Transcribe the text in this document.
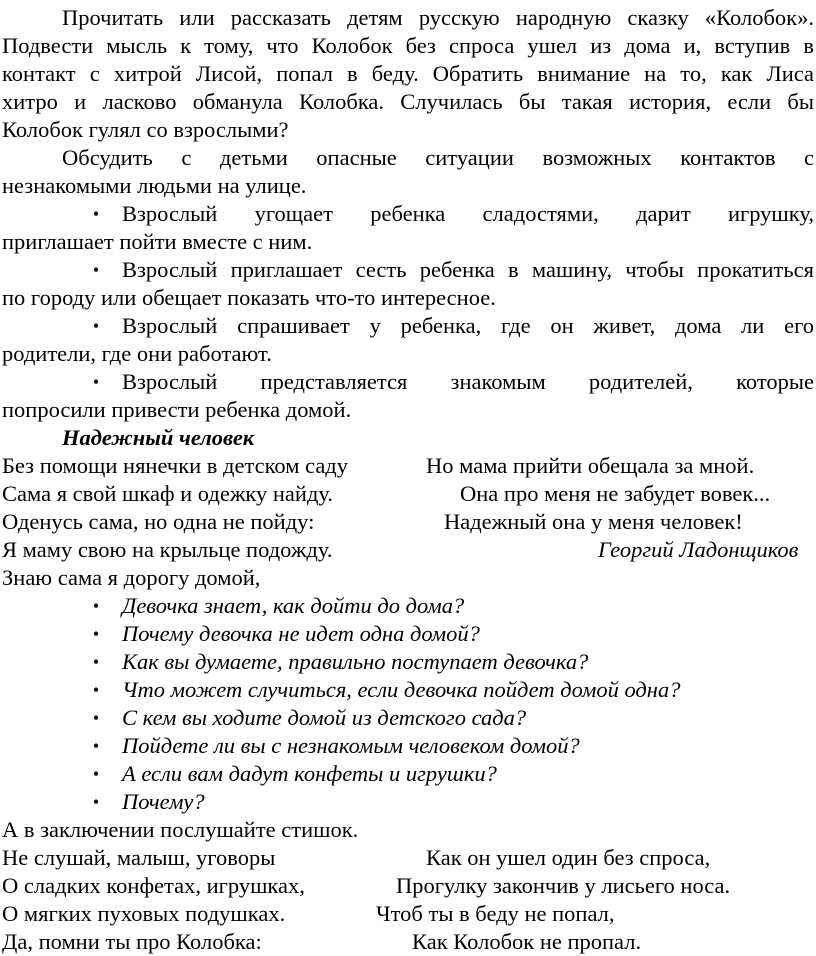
Прочитать или рассказать детям русскую народную сказку «Колобок».
Подвести мысль к тому, что Колобок без спроса ушел из дома и, вступив в
контакт с хитрой Лисой, попал в беду. Обратить внимание на то, как Лиса
хитро и ласково обманула Колобка. Случилась бы такая история, если бы
Колобок гулял со взрослыми?
Обсудить с детьми опасные ситуации возможных контактов с
незнакомыми людьми на улице.
• Взрослый угощает ребенка сладостями, дарит игрушку,
приглашает пойти вместе с ним.
• Взрослый приглашает сесть ребенка в машину, чтобы прокатиться
по городу или обещает показать что-то интересное.
• Взрослый спрашивает у ребенка, где он живет, дома ли его
родители, где они работают.
• Взрослый представляется знакомым родителей, которые
попросили привести ребенка домой.
Надежный человек
Без помощи нянечки в детском саду	Но мама прийти обещала за мной.
Сама я свой шкаф и одежку найду.	Она про меня не забудет вовек...
Оденусь сама, но одна не пойду:	Надежный она у меня человек!
Я маму свою на крыльце подожду.	Георгий Ладонщиков
Знаю сама я дорогу домой,
• Девочка знает, как дойти до дома?
• Почему девочка не идет одна домой?
• Как вы думаете, правильно поступает девочка?
• Что может случиться, если девочка пойдет домой одна?
• С кем вы ходите домой из детского сада?
• Пойдете ли вы с незнакомым человеком домой?
• А если вам дадут конфеты и игрушки?
• Почему?
А в заключении послушайте стишок.
Не слушай, малыш, уговоры	Как он ушел один без спроса,
О сладких конфетах, игрушках,	Прогулку закончив у лисьего носа.
О мягких пуховых подушках.	Чтоб ты в беду не попал,
Да, помни ты про Колобка:	Как Колобок не пропал.
